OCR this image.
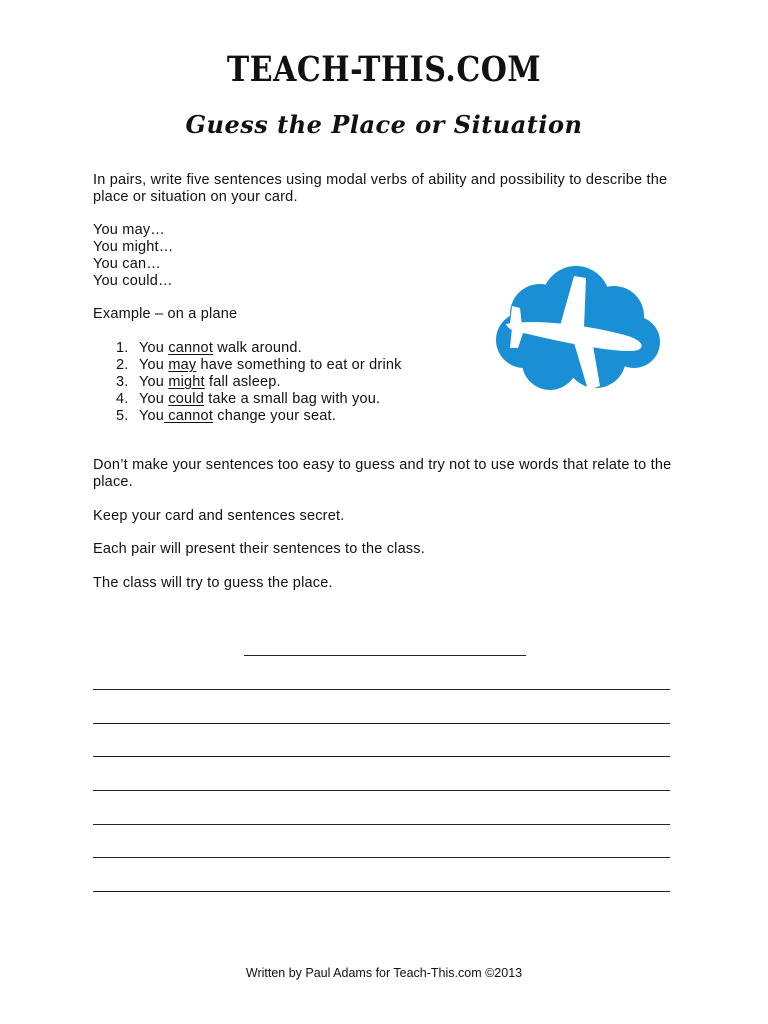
TEACH-THIS.COM
Guess the Place or Situation

In pairs, write five sentences using modal verbs of ability and possibility to describe the place or situation on your card.

You may…
You might…
You can…
You could…

Example – on a plane

1. You cannot walk around.
2. You may have something to eat or drink
3. You might fall asleep.
4. You could take a small bag with you.
5. You cannot change your seat.

Don’t make your sentences too easy to guess and try not to use words that relate to the place.

Keep your card and sentences secret.

Each pair will present their sentences to the class.

The class will try to guess the place.

Written by Paul Adams for Teach-This.com ©2013
